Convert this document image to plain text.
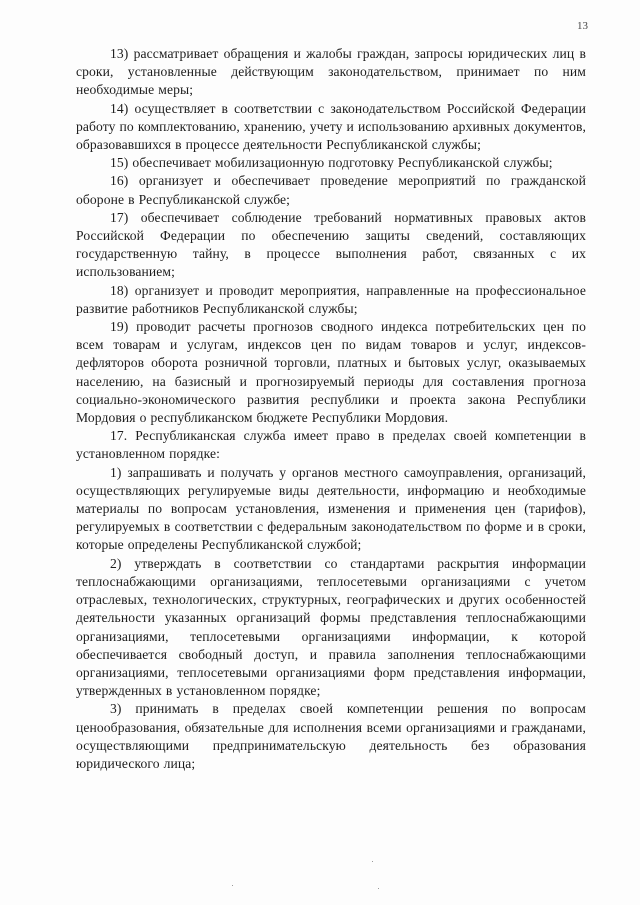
13

13) рассматривает обращения и жалобы граждан, запросы юридических лиц в сроки, установленные действующим законодательством, принимает по ним необходимые меры;

14) осуществляет в соответствии с законодательством Российской Федерации работу по комплектованию, хранению, учету и использованию архивных документов, образовавшихся в процессе деятельности Республиканской службы;

15) обеспечивает мобилизационную подготовку Республиканской службы;

16) организует и обеспечивает проведение мероприятий по гражданской обороне в Республиканской службе;

17) обеспечивает соблюдение требований нормативных правовых актов Российской Федерации по обеспечению защиты сведений, составляющих государственную тайну, в процессе выполнения работ, связанных с их использованием;

18) организует и проводит мероприятия, направленные на профессиональное развитие работников Республиканской службы;

19) проводит расчеты прогнозов сводного индекса потребительских цен по всем товарам и услугам, индексов цен по видам товаров и услуг, индексов-дефляторов оборота розничной торговли, платных и бытовых услуг, оказываемых населению, на базисный и прогнозируемый периоды для составления прогноза социально-экономического развития республики и проекта закона Республики Мордовия о республиканском бюджете Республики Мордовия.

17. Республиканская служба имеет право в пределах своей компетенции в установленном порядке:

1) запрашивать и получать у органов местного самоуправления, организаций, осуществляющих регулируемые виды деятельности, информацию и необходимые материалы по вопросам установления, изменения и применения цен (тарифов), регулируемых в соответствии с федеральным законодательством по форме и в сроки, которые определены Республиканской службой;

2) утверждать в соответствии со стандартами раскрытия информации теплоснабжающими организациями, теплосетевыми организациями с учетом отраслевых, технологических, структурных, географических и других особенностей деятельности указанных организаций формы представления теплоснабжающими организациями, теплосетевыми организациями информации, к которой обеспечивается свободный доступ, и правила заполнения теплоснабжающими организациями, теплосетевыми организациями форм представления информации, утвержденных в установленном порядке;

3) принимать в пределах своей компетенции решения по вопросам ценообразования, обязательные для исполнения всеми организациями и гражданами, осуществляющими предпринимательскую деятельность без образования юридического лица;
